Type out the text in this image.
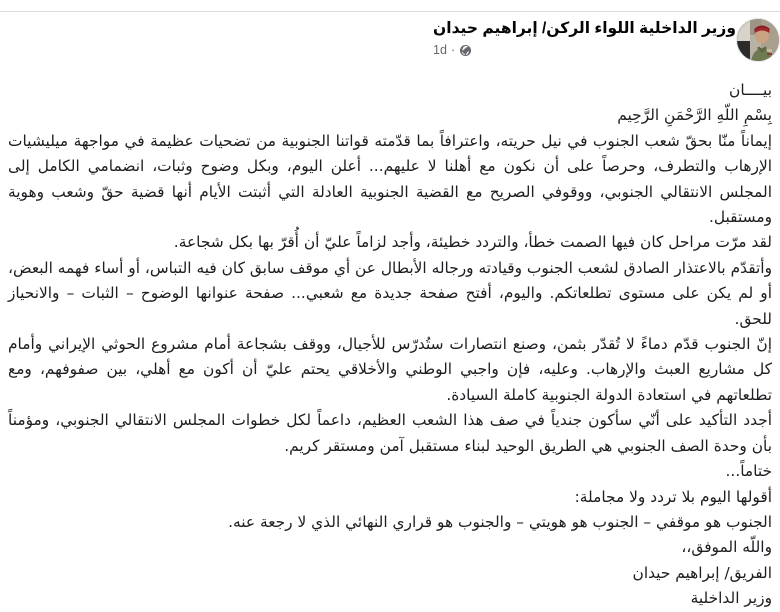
وزير الداخلية اللواء الركن/ إبراهيم حيدان
1d ·
بيــــان
بِسْمِ اللّهِ الرَّحْمَنِ الرَّحِيم
إيماناً منّا بحقّ شعب الجنوب في نيل حريته، واعترافاً بما قدّمته قواتنا الجنوبية من تضحيات عظيمة في مواجهة ميليشيات الإرهاب والتطرف، وحرصاً على أن نكون مع أهلنا لا عليهم... أعلن اليوم، وبكل وضوح وثبات، انضمامي الكامل إلى المجلس الانتقالي الجنوبي، ووقوفي الصريح مع القضية الجنوبية العادلة التي أثبتت الأيام أنها قضية حقّ وشعب وهوية ومستقبل.
لقد مرّت مراحل كان فيها الصمت خطأ، والتردد خطيئة، وأجد لزاماً عليّ أن أُقرّ بها بكل شجاعة.
وأتقدّم بالاعتذار الصادق لشعب الجنوب وقيادته ورجاله الأبطال عن أي موقف سابق كان فيه التباس، أو أساء فهمه البعض، أو لم يكن على مستوى تطلعاتكم. واليوم، أفتح صفحة جديدة مع شعبي... صفحة عنوانها الوضوح – الثبات – والانحياز للحق.
إنّ الجنوب قدّم دماءً لا تُقدّر بثمن، وصنع انتصارات ستُدرّس للأجيال، ووقف بشجاعة أمام مشروع الحوثي الإيراني وأمام كل مشاريع العبث والإرهاب. وعليه، فإن واجبي الوطني والأخلاقي يحتم عليّ أن أكون مع أهلي، بين صفوفهم، ومع تطلعاتهم في استعادة الدولة الجنوبية كاملة السيادة.
أجدد التأكيد على أنّي سأكون جندياً في صف هذا الشعب العظيم، داعماً لكل خطوات المجلس الانتقالي الجنوبي، ومؤمناً بأن وحدة الصف الجنوبي هي الطريق الوحيد لبناء مستقبل آمن ومستقر كريم.
ختاماً...
أقولها اليوم بلا تردد ولا مجاملة:
الجنوب هو موقفي – الجنوب هو هويتي – والجنوب هو قراري النهائي الذي لا رجعة عنه.
واللّه الموفق،،
الفريق/ إبراهيم حيدان
وزير الداخلية
